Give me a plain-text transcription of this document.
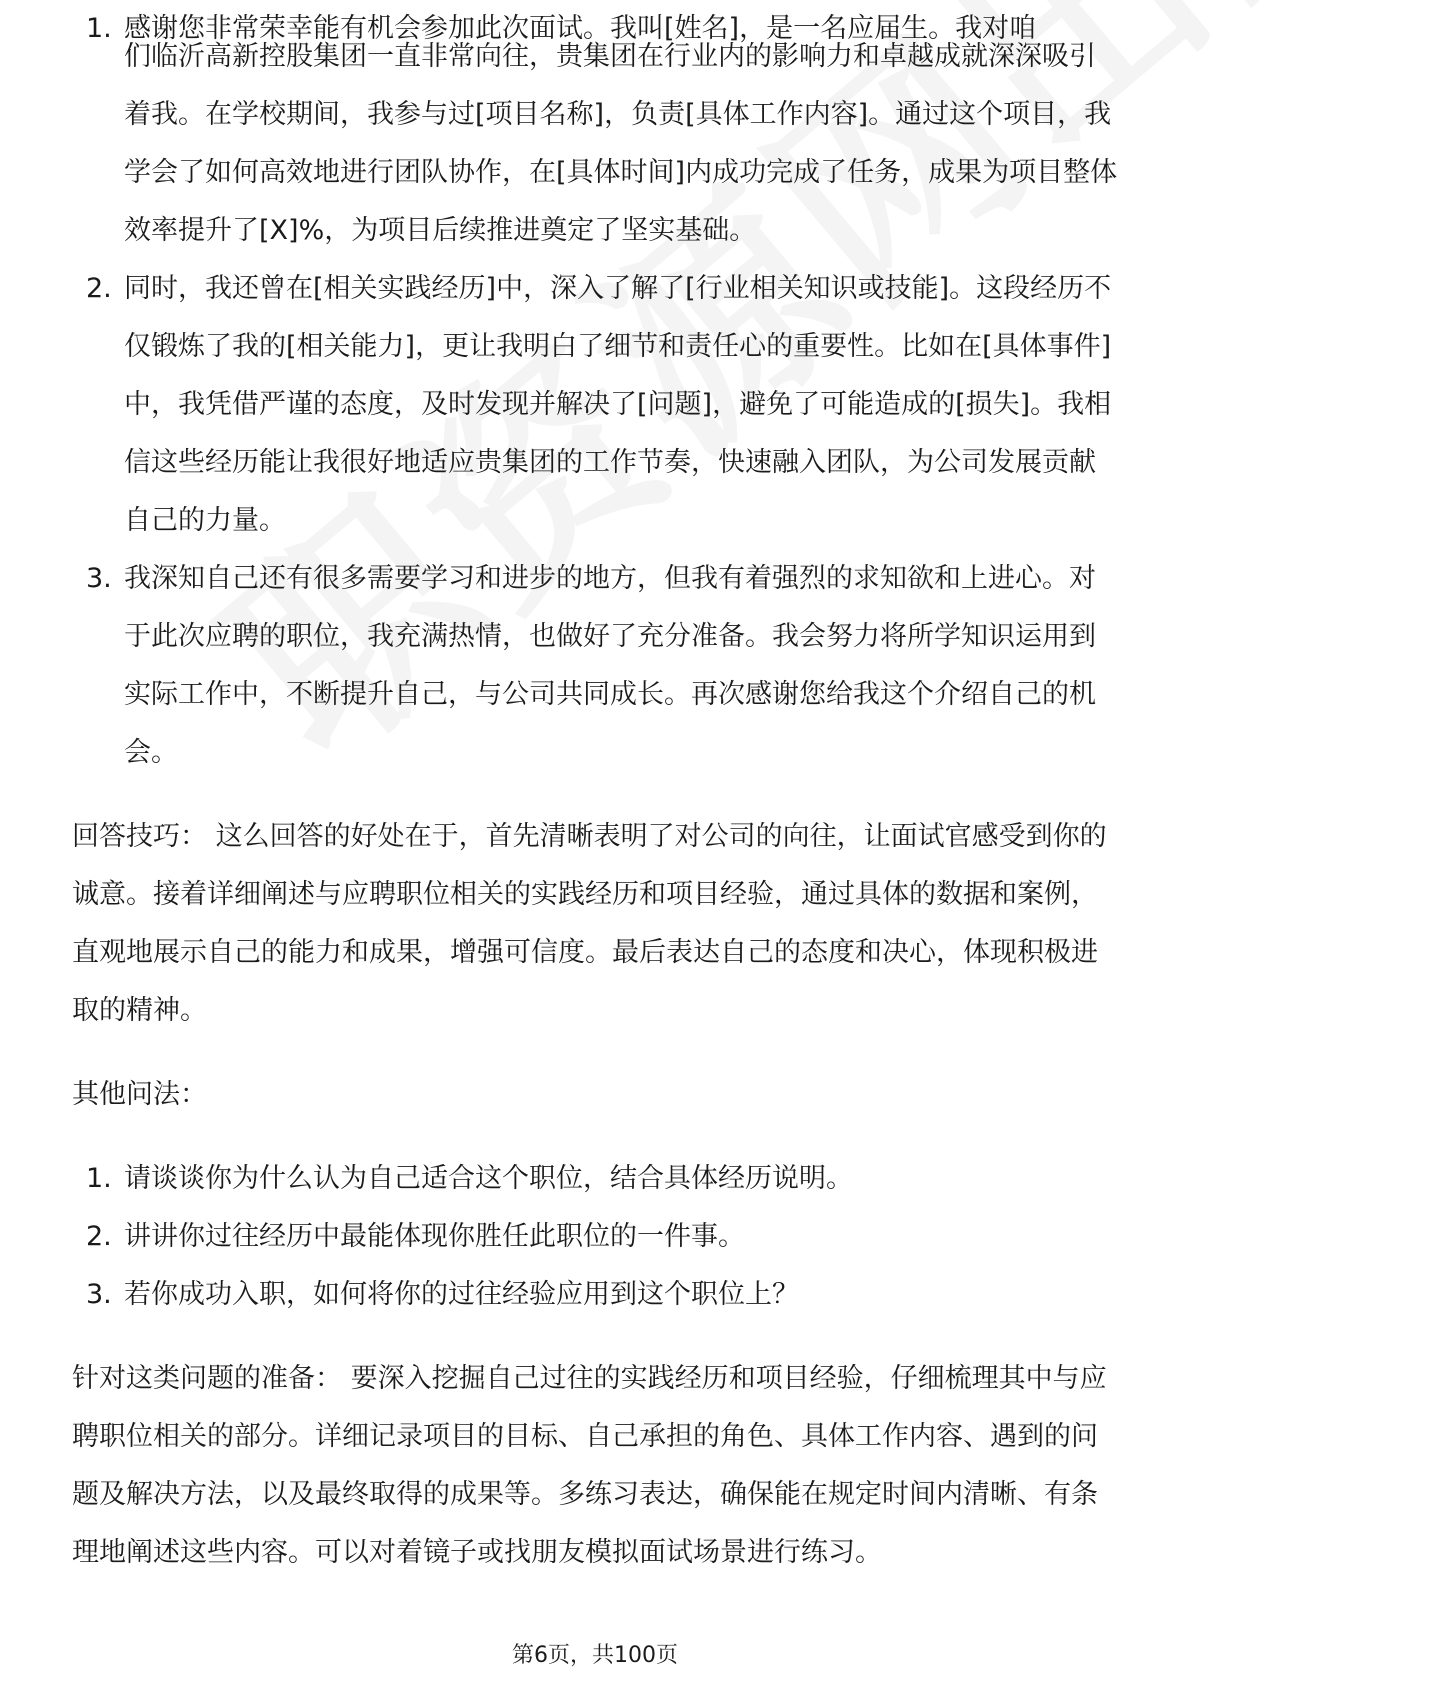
1. 感谢您非常荣幸能有机会参加此次面试。我叫[姓名]，是一名应届生。我对咱
们临沂高新控股集团一直非常向往，贵集团在行业内的影响力和卓越成就深深吸引着我。在学校期间，我参与过[项目名称]，负责[具体工作内容]。通过这个项目，我学会了如何高效地进行团队协作，在[具体时间]内成功完成了任务，成果为项目整体效率提升了[X]%，为项目后续推进奠定了坚实基础。
2. 同时，我还曾在[相关实践经历]中，深入了解了[行业相关知识或技能]。这段经历不仅锻炼了我的[相关能力]，更让我明白了细节和责任心的重要性。比如在[具体事件]中，我凭借严谨的态度，及时发现并解决了[问题]，避免了可能造成的[损失]。我相信这些经历能让我很好地适应贵集团的工作节奏，快速融入团队，为公司发展贡献自己的力量。
3. 我深知自己还有很多需要学习和进步的地方，但我有着强烈的求知欲和上进心。对于此次应聘的职位，我充满热情，也做好了充分准备。我会努力将所学知识运用到实际工作中，不断提升自己，与公司共同成长。再次感谢您给我这个介绍自己的机会。

回答技巧： 这么回答的好处在于，首先清晰表明了对公司的向往，让面试官感受到你的诚意。接着详细阐述与应聘职位相关的实践经历和项目经验，通过具体的数据和案例，直观地展示自己的能力和成果，增强可信度。最后表达自己的态度和决心，体现积极进取的精神。

其他问法：

1. 请谈谈你为什么认为自己适合这个职位，结合具体经历说明。
2. 讲讲你过往经历中最能体现你胜任此职位的一件事。
3. 若你成功入职，如何将你的过往经验应用到这个职位上？

针对这类问题的准备： 要深入挖掘自己过往的实践经历和项目经验，仔细梳理其中与应聘职位相关的部分。详细记录项目的目标、自己承担的角色、具体工作内容、遇到的问题及解决方法，以及最终取得的成果等。多练习表达，确保能在规定时间内清晰、有条理地阐述这些内容。可以对着镜子或找朋友模拟面试场景进行练习。

第6页，共100页
